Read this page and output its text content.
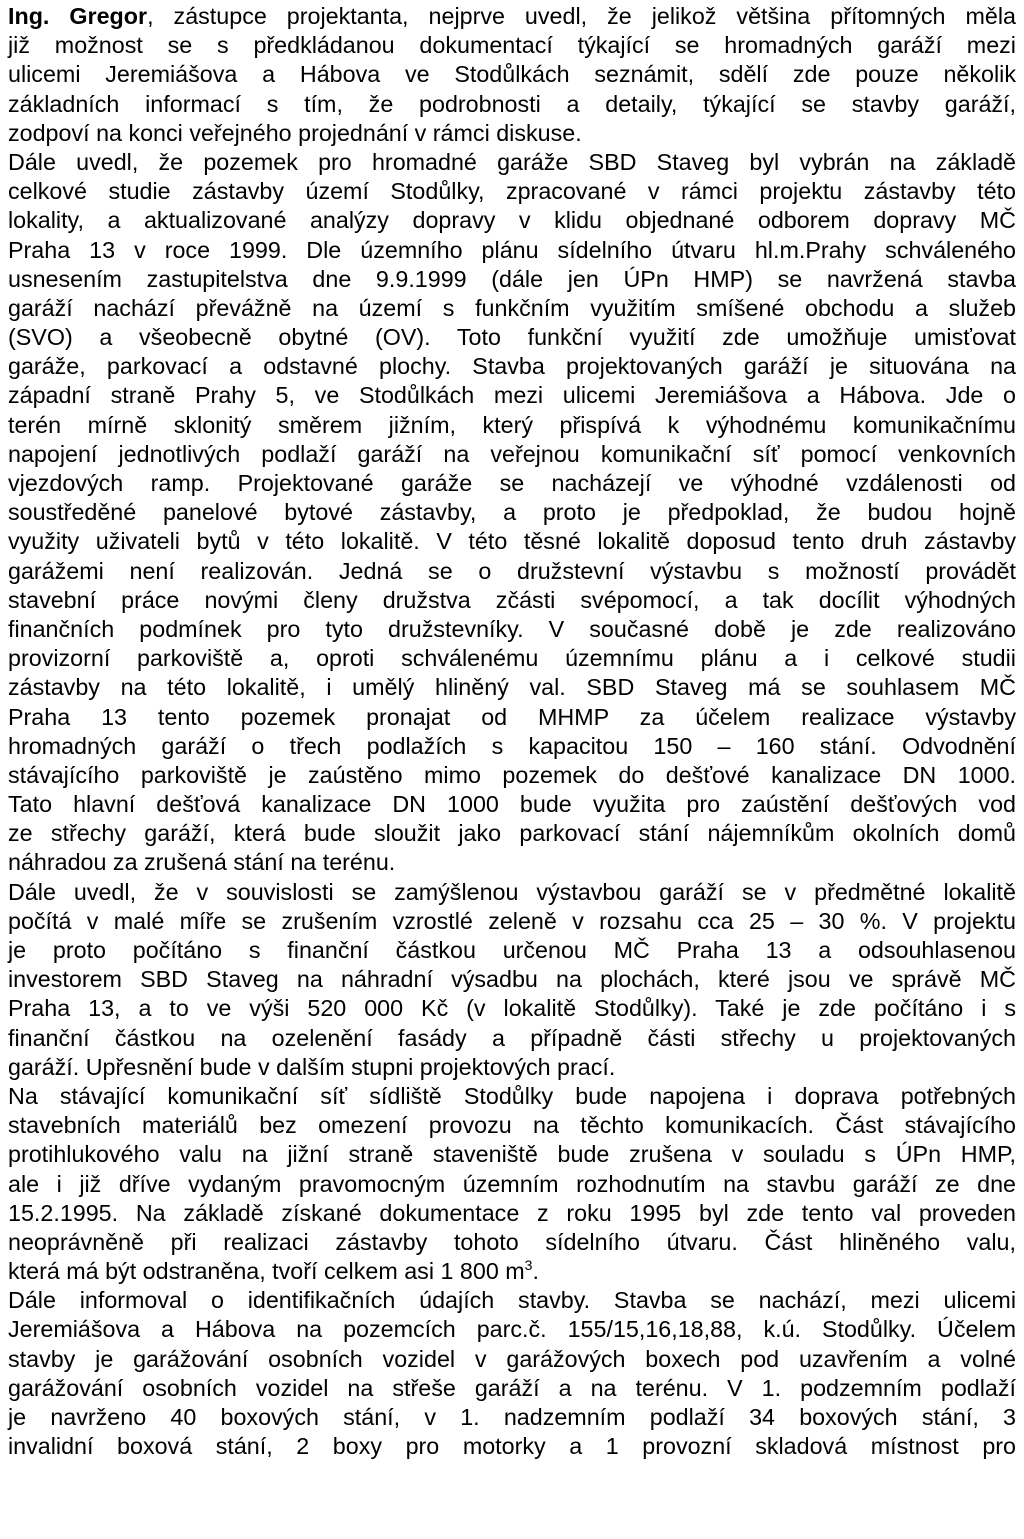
Ing. Gregor, zástupce projektanta, nejprve uvedl, že jelikož většina přítomných měla
již možnost se s předkládanou dokumentací týkající se hromadných garáží mezi
ulicemi Jeremiášova a Hábova ve Stodůlkách seznámit, sdělí zde pouze několik
základních informací s tím, že podrobnosti a detaily, týkající se stavby garáží,
zodpoví na konci veřejného projednání v rámci diskuse.
Dále uvedl, že pozemek pro hromadné garáže SBD Staveg byl vybrán na základě
celkové studie zástavby území Stodůlky, zpracované v rámci projektu zástavby této
lokality, a aktualizované analýzy dopravy v klidu objednané odborem dopravy MČ
Praha 13 v roce 1999. Dle územního plánu sídelního útvaru hl.m.Prahy schváleného
usnesením zastupitelstva dne 9.9.1999 (dále jen ÚPn HMP) se navržená stavba
garáží nachází převážně na území s funkčním využitím smíšené obchodu a služeb
(SVO) a všeobecně obytné (OV). Toto funkční využití zde umožňuje umisťovat
garáže, parkovací a odstavné plochy. Stavba projektovaných garáží je situována na
západní straně Prahy 5, ve Stodůlkách mezi ulicemi Jeremiášova a Hábova. Jde o
terén mírně sklonitý směrem jižním, který přispívá k výhodnému komunikačnímu
napojení jednotlivých podlaží garáží na veřejnou komunikační síť pomocí venkovních
vjezdových ramp. Projektované garáže se nacházejí ve výhodné vzdálenosti od
soustředěné panelové bytové zástavby, a proto je předpoklad, že budou hojně
využity uživateli bytů v této lokalitě. V této těsné lokalitě doposud tento druh zástavby
garážemi není realizován. Jedná se o družstevní výstavbu s možností provádět
stavební práce novými členy družstva zčásti svépomocí, a tak docílit výhodných
finančních podmínek pro tyto družstevníky. V současné době je zde realizováno
provizorní parkoviště a, oproti schválenému územnímu plánu a i celkové studii
zástavby na této lokalitě, i umělý hliněný val. SBD Staveg má se souhlasem MČ
Praha 13 tento pozemek pronajat od MHMP za účelem realizace výstavby
hromadných garáží o třech podlažích s kapacitou 150 – 160 stání. Odvodnění
stávajícího parkoviště je zaústěno mimo pozemek do dešťové kanalizace DN 1000.
Tato hlavní dešťová kanalizace DN 1000 bude využita pro zaústění dešťových vod
ze střechy garáží, která bude sloužit jako parkovací stání nájemníkům okolních domů
náhradou za zrušená stání na terénu.
Dále uvedl, že v souvislosti se zamýšlenou výstavbou garáží se v předmětné lokalitě
počítá v malé míře se zrušením vzrostlé zeleně v rozsahu cca 25 – 30 %. V projektu
je proto počítáno s finanční částkou určenou MČ Praha 13 a odsouhlasenou
investorem SBD Staveg na náhradní výsadbu na plochách, které jsou ve správě MČ
Praha 13, a to ve výši 520 000 Kč (v lokalitě Stodůlky). Také je zde počítáno i s
finanční částkou na ozelenění fasády a případně části střechy u projektovaných
garáží. Upřesnění bude v dalším stupni projektových prací.
Na stávající komunikační síť sídliště Stodůlky bude napojena i doprava potřebných
stavebních materiálů bez omezení provozu na těchto komunikacích. Část stávajícího
protihlukového valu na jižní straně staveniště bude zrušena v souladu s ÚPn HMP,
ale i již dříve vydaným pravomocným územním rozhodnutím na stavbu garáží ze dne
15.2.1995. Na základě získané dokumentace z roku 1995 byl zde tento val proveden
neoprávněně při realizaci zástavby tohoto sídelního útvaru. Část hliněného valu,
která má být odstraněna, tvoří celkem asi 1 800 $m^3$.
Dále informoval o identifikačních údajích stavby. Stavba se nachází, mezi ulicemi
Jeremiášova a Hábova na pozemcích parc.č. 155/15,16,18,88, k.ú. Stodůlky. Účelem
stavby je garážování osobních vozidel v garážových boxech pod uzavřením a volné
garážování osobních vozidel na střeše garáží a na terénu. V 1. podzemním podlaží
je navrženo 40 boxových stání, v 1. nadzemním podlaží 34 boxových stání, 3
invalidní boxová stání, 2 boxy pro motorky a 1 provozní skladová místnost pro
